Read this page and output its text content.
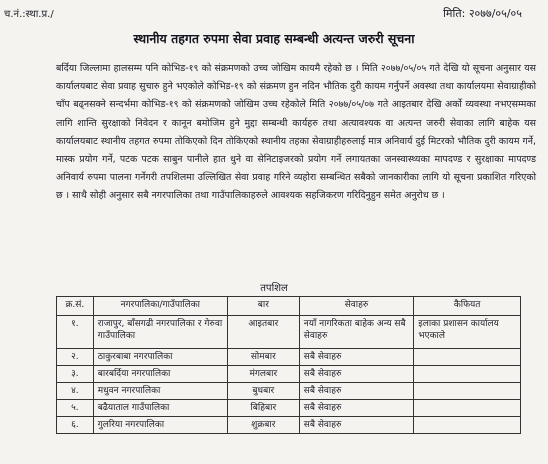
च.नं.:स्था.प्र./	मिति: २०७७/०५/०५
स्थानीय तहगत रुपमा सेवा प्रवाह सम्बन्धी अत्यन्त जरुरी सूचना
बर्दिया जिल्लामा हालसम्म पनि कोभिड-१९ को संक्रमणको उच्च जोखिम कायमै रहेको छ । मिति २०७७/०५/०५ गते देखि यो सूचना अनुसार यस कार्यालयबाट सेवा प्रवाह सुचारु हुने भएकोले कोभिड-१९ को संक्रमण हुन नदिन भौतिक दुरी कायम गर्नुपर्ने अवस्था तथा कार्यालयमा सेवाग्राहीको चाँप बढ्नसक्ने सन्दर्भमा कोभिड-१९ को संक्रमणको जोखिम उच्च रहेकोले मिति २०७७/०५/०७ गते आइतबार देखि अर्को व्यवस्था नभएसम्मका लागि शान्ति सुरक्षाको निवेदन र कानून बमोजिम हुने मुद्दा सम्बन्धी कार्यहरु तथा अत्यावश्यक वा अत्यन्त जरुरी सेवाका लागि बाहेक यस कार्यालयबाट स्थानीय तहगत रुपमा तोकिएको दिन तोकिएको स्थानीय तहका सेवाग्राहीहरुलाई मात्र अनिवार्य दुई मिटरको भौतिक दुरी कायम गर्ने, मास्क प्रयोग गर्ने, पटक पटक साबुन पानीले हात धुने वा सेनिटाइजरको प्रयोग गर्ने लगायतका जनस्वास्थ्यका मापदण्ड र सुरक्षाका मापदण्ड अनिवार्य रुपमा पालना गर्नेगरी तपशिलमा उल्लिखित सेवा प्रवाह गरिने व्यहोरा सम्बन्धित सबैको जानकारीका लागि यो सूचना प्रकाशित गरिएको छ । साथै सोही अनुसार सबै नगरपालिका तथा गाउँपालिकाहरुले आवश्यक सहजिकरण गरिदिनुहुन समेत अनुरोध छ ।
तपशिल
क्र.सं.	नगरपालिका/गाउँपालिका	बार	सेवाहरु	कैफियत
१.	राजापुर, बाँसगढी नगरपालिका र गेरुवा गाउँपालिका	आइतबार	नयाँ नागरिकता बाहेक अन्य सबै सेवाहरु	इलाका प्रशासन कार्यालय भएकाले
२.	ठाकुरबाबा नगरपालिका	सोमबार	सबै सेवाहरु	
३.	बारबर्दिया नगरपालिका	मंगलबार	सबै सेवाहरु	
४.	मधुवन नगरपालिका	बुधबार	सबै सेवाहरु	
५.	बढैयाताल गाउँपालिका	बिहिबार	सबै सेवाहरु	
६.	गुलरिया नगरपालिका	शुक्रबार	सबै सेवाहरु	
